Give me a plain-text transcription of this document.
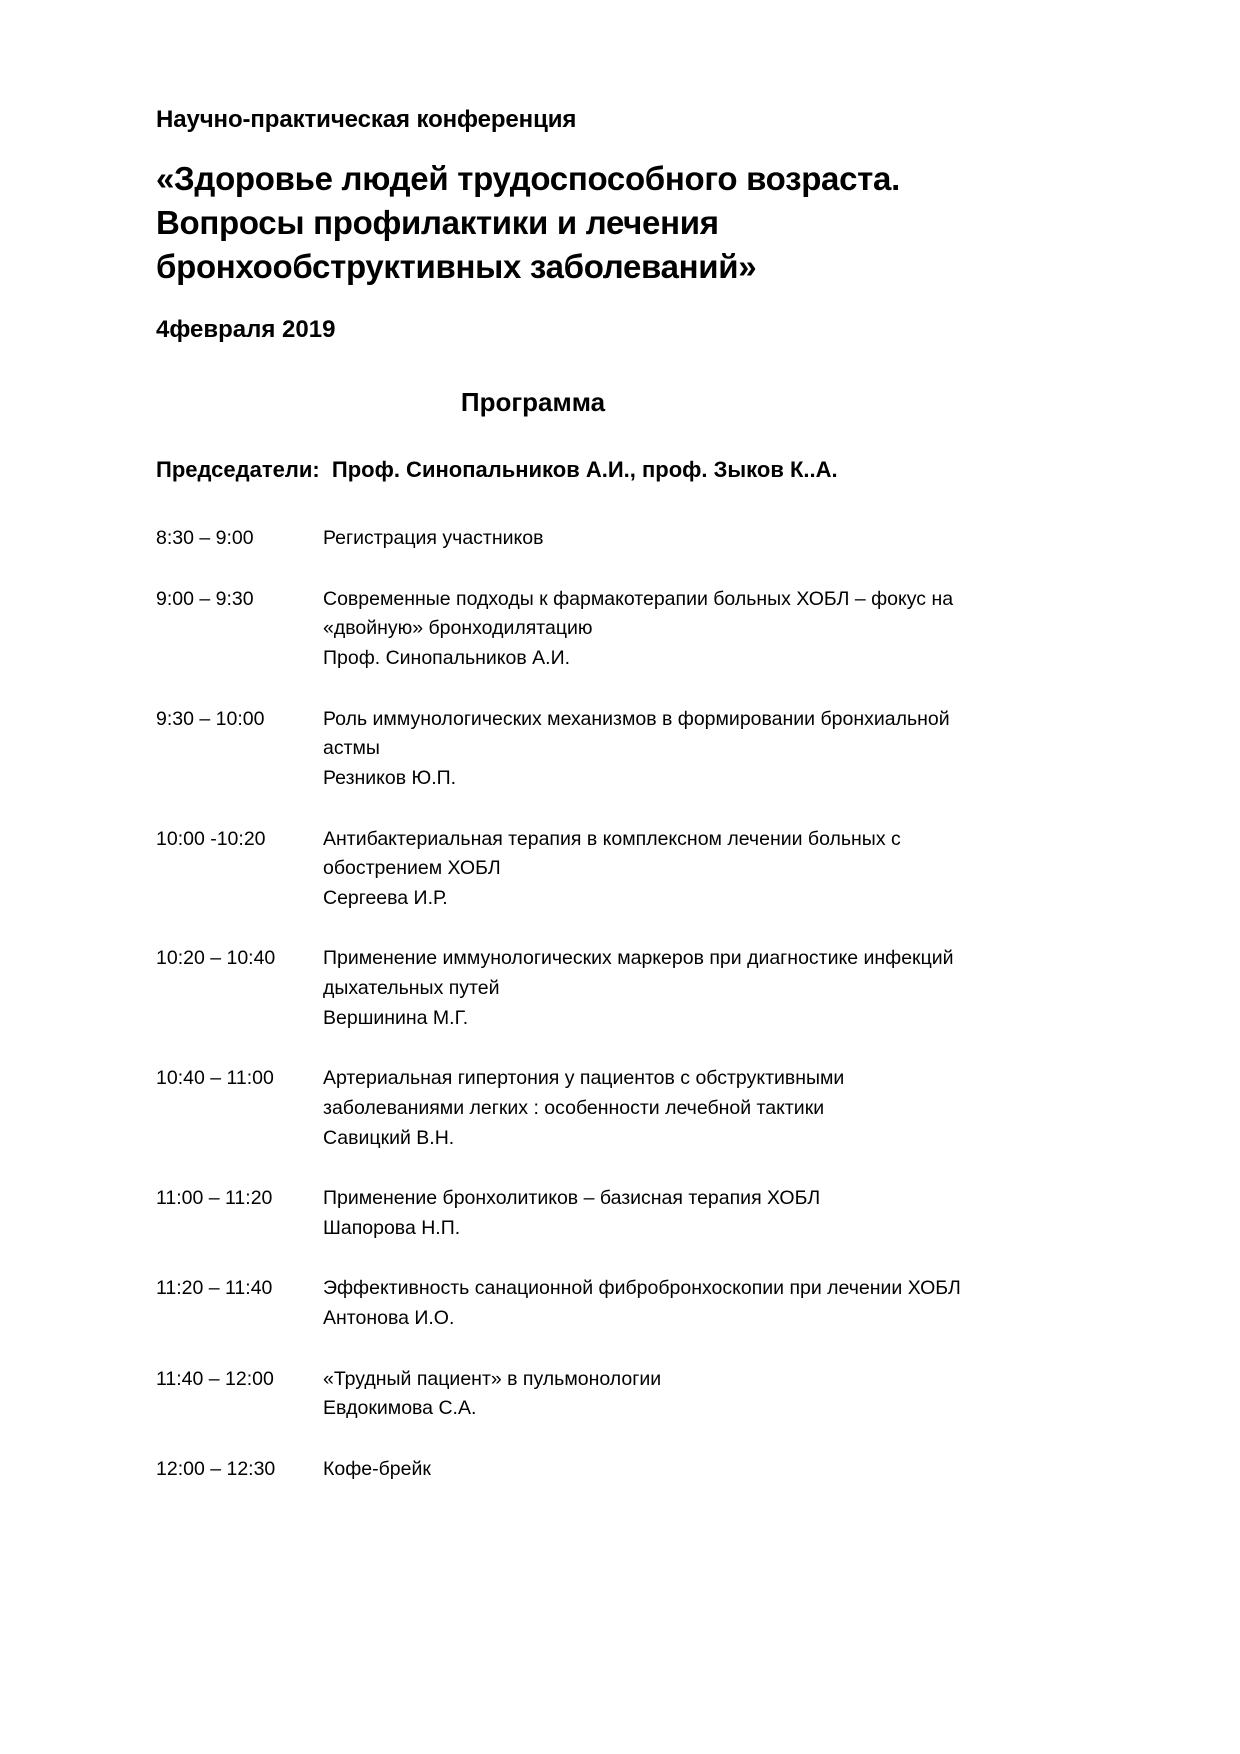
Научно-практическая конференция

«Здоровье людей трудоспособного возраста.
Вопросы профилактики и лечения
бронхообструктивных заболеваний»

4февраля 2019

Программа

Председатели:  Проф. Синопальников А.И., проф. Зыков К..А.

8:30 – 9:00	Регистрация участников
9:00 – 9:30	Современные подходы к фармакотерапии больных ХОБЛ – фокус на
«двойную» бронходилятацию
Проф. Синопальников А.И.
9:30 – 10:00	Роль иммунологических механизмов в формировании бронхиальной
астмы
Резников Ю.П.
10:00 -10:20	Антибактериальная терапия в комплексном лечении больных с
обострением ХОБЛ
Сергеева И.Р.
10:20 – 10:40	Применение иммунологических маркеров при диагностике инфекций
дыхательных путей
Вершинина М.Г.
10:40 – 11:00	Артериальная гипертония у пациентов с обструктивными
заболеваниями легких : особенности лечебной тактики
Савицкий В.Н.
11:00 – 11:20	Применение бронхолитиков – базисная терапия ХОБЛ
Шапорова Н.П.
11:20 – 11:40	Эффективность санационной фибробронхоскопии при лечении ХОБЛ
Антонова И.О.
11:40 – 12:00	«Трудный пациент» в пульмонологии
Евдокимова С.А.
12:00 – 12:30	Кофе-брейк
